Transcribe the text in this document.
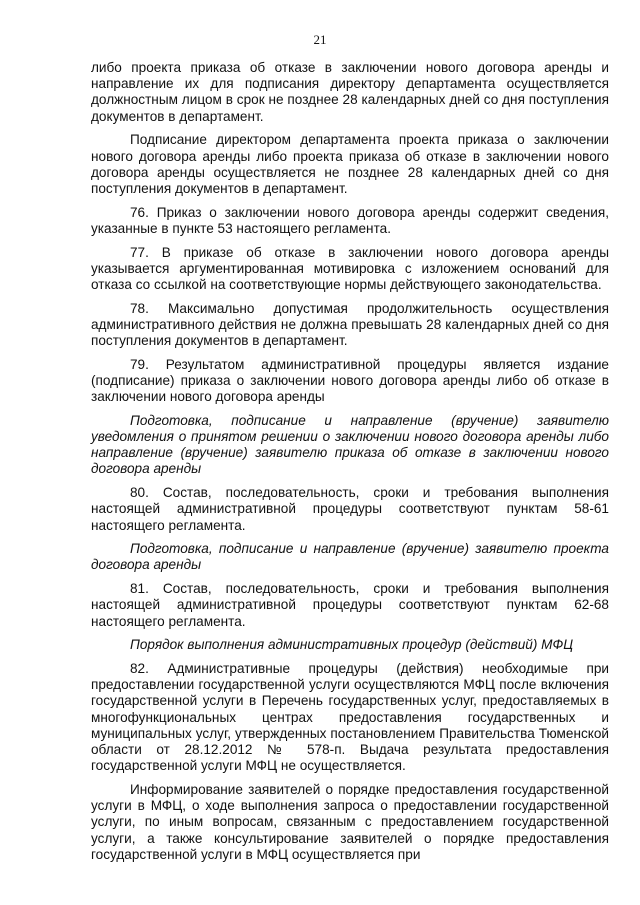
21

либо проекта приказа об отказе в заключении нового договора аренды и направление их для подписания директору департамента осуществляется должностным лицом в срок не позднее 28 календарных дней со дня поступления документов в департамент.

Подписание директором департамента проекта приказа о заключении нового договора аренды либо проекта приказа об отказе в заключении нового договора аренды осуществляется не позднее 28 календарных дней со дня поступления документов в департамент.

76. Приказ о заключении нового договора аренды содержит сведения, указанные в пункте 53 настоящего регламента.

77. В приказе об отказе в заключении нового договора аренды указывается аргументированная мотивировка с изложением оснований для отказа со ссылкой на соответствующие нормы действующего законодательства.

78. Максимально допустимая продолжительность осуществления административного действия не должна превышать 28 календарных дней со дня поступления документов в департамент.

79. Результатом административной процедуры является издание (подписание) приказа о заключении нового договора аренды либо об отказе в заключении нового договора аренды

Подготовка, подписание и направление (вручение) заявителю уведомления о принятом решении о заключении нового договора аренды либо направление (вручение) заявителю приказа об отказе в заключении нового договора аренды

80. Состав, последовательность, сроки и требования выполнения настоящей административной процедуры соответствуют пунктам 58-61 настоящего регламента.

Подготовка, подписание и направление (вручение) заявителю проекта договора аренды

81. Состав, последовательность, сроки и требования выполнения настоящей административной процедуры соответствуют пунктам 62-68 настоящего регламента.

Порядок выполнения административных процедур (действий) МФЦ

82. Административные процедуры (действия) необходимые при предоставлении государственной услуги осуществляются МФЦ после включения государственной услуги в Перечень государственных услуг, предоставляемых в многофункциональных центрах предоставления государственных и муниципальных услуг, утвержденных постановлением Правительства Тюменской области от 28.12.2012 № 578-п. Выдача результата предоставления государственной услуги МФЦ не осуществляется.

Информирование заявителей о порядке предоставления государственной услуги в МФЦ, о ходе выполнения запроса о предоставлении государственной услуги, по иным вопросам, связанным с предоставлением государственной услуги, а также консультирование заявителей о порядке предоставления государственной услуги в МФЦ осуществляется при
